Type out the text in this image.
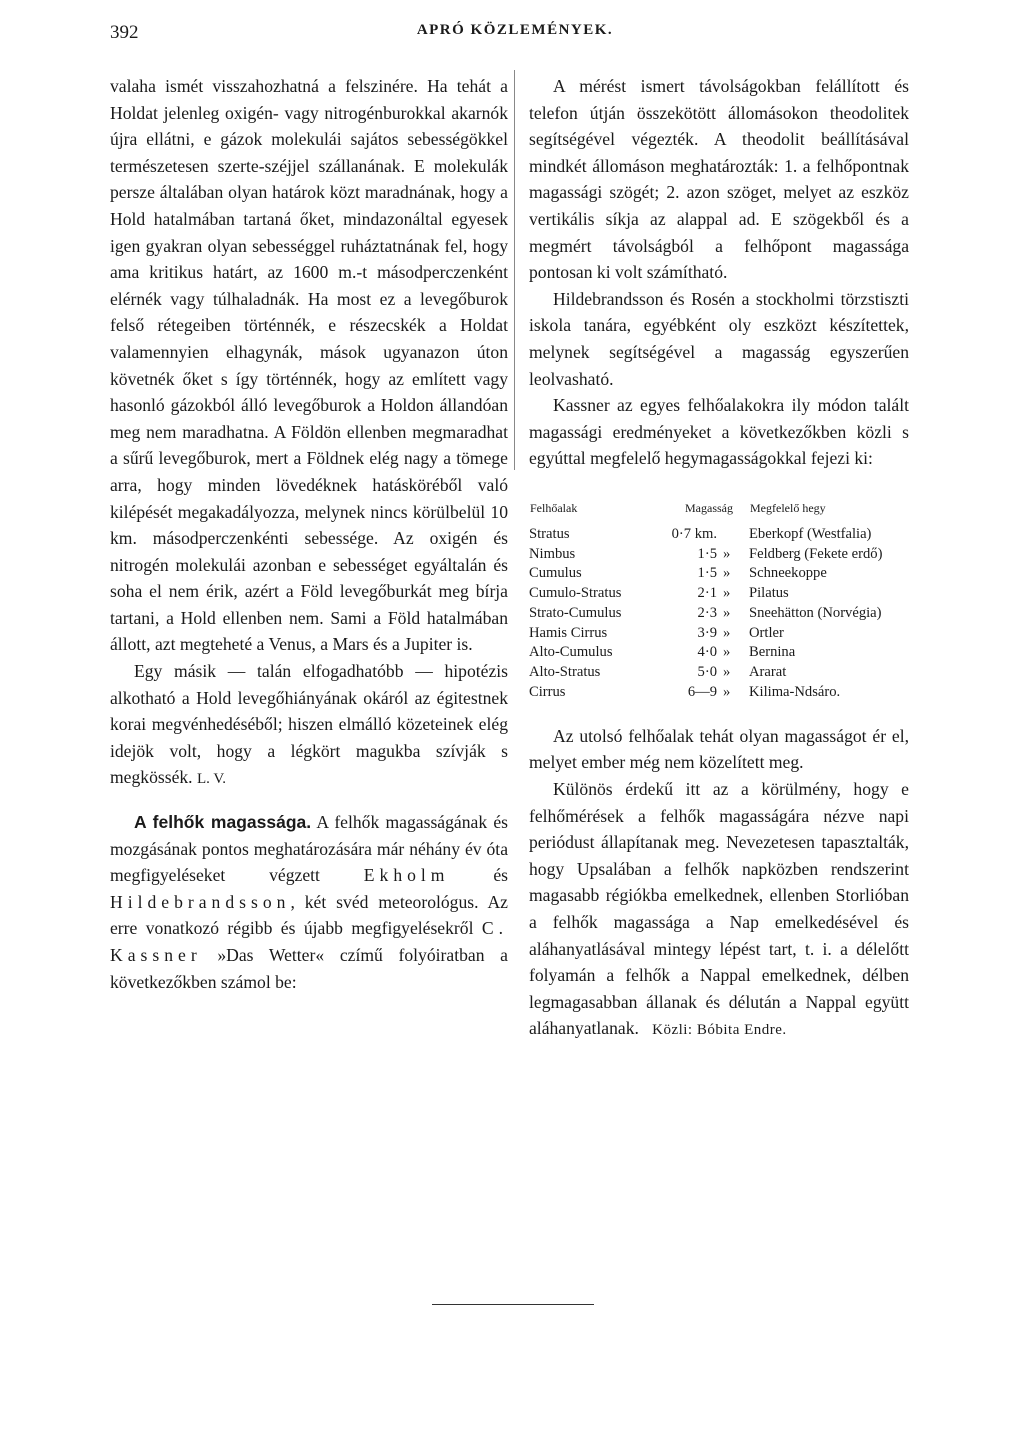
392	APRÓ KÖZLEMÉNYEK.

valaha ismét visszahozhatná a felszinére. Ha tehát a Holdat jelenleg oxigén- vagy nitrogénburokkal akarnók újra ellátni, e gázok molekulái sajátos sebességökkel természetesen szerte-széjjel szállanának. E molekulák persze általában olyan határok közt maradnának, hogy a Hold hatalmában tartaná őket, mindazonáltal egyesek igen gyakran olyan sebességgel ruháztatnának fel, hogy ama kritikus határt, az 1600 m.-t másodperczenként elérnék vagy túlhaladnák. Ha most ez a levegőburok felső rétegeiben történnék, e részecskék a Holdat valamennyien elhagynák, mások ugyanazon úton követnék őket s így történnék, hogy az említett vagy hasonló gázokból álló levegőburok a Holdon állandóan meg nem maradhatna. A Földön ellenben megmaradhat a sűrű levegőburok, mert a Földnek elég nagy a tömege arra, hogy minden lövedéknek hatásköréből való kilépését megakadályozza, melynek nincs körülbelül 10 km. másodperczenkénti sebessége. Az oxigén és nitrogén molekulái azonban e sebességet egyáltalán és soha el nem érik, azért a Föld levegőburkát meg bírja tartani, a Hold ellenben nem. Sami a Föld hatalmában állott, azt megteheté a Venus, a Mars és a Jupiter is.

Egy másik — talán elfogadhatóbb — hipotézis alkotható a Hold levegőhiányának okáról az égitestnek korai megvénhedéséből; hiszen elmálló közeteinek elég idejök volt, hogy a légkört magukba szívják s megkössék. L. V.

A felhők magassága. A felhők magasságának és mozgásának pontos meghatározására már néhány év óta megfigyeléseket végzett Ekholm és Hildebrandsson, két svéd meteorológus. Az erre vonatkozó régibb és újabb megfigyelésekről C. Kassner »Das Wetter« czímű folyóiratban a következőkben számol be:

A mérést ismert távolságokban felállított és telefon útján összekötött állomásokon theodolitek segítségével végezték. A theodolit beállításával mindkét állomáson meghatározták: 1. a felhőpontnak magassági szögét; 2. azon szöget, melyet az eszköz vertikális síkja az alappal ad. E szögekből és a megmért távolságból a felhőpont magassága pontosan ki volt számítható.

Hildebrandsson és Rosén a stockholmi törzstiszti iskola tanára, egyébként oly eszközt készítettek, melynek segítségével a magasság egyszerűen leolvasható.

Kassner az egyes felhőalakokra ily módon talált magassági eredményeket a következőkben közli s egyúttal megfelelő hegymagasságokkal fejezi ki:

Felhőalak	Magasság		Megfelelő hegy
Stratus	0·7 km.		Eberkopf (Westfalia)
Nimbus	1·5	»	Feldberg (Fekete erdő)
Cumulus	1·5	»	Schneekoppe
Cumulo-Stratus	2·1	»	Pilatus
Strato-Cumulus	2·3	»	Sneehätton (Norvégia)
Hamis Cirrus	3·9	»	Ortler
Alto-Cumulus	4·0	»	Bernina
Alto-Stratus	5·0	»	Ararat
Cirrus	6—9	»	Kilima-Ndsáro.

Az utolsó felhőalak tehát olyan magasságot ér el, melyet ember még nem közelített meg.

Különös érdekű itt az a körülmény, hogy e felhőmérések a felhők magasságára nézve napi periódust állapítanak meg. Nevezetesen tapasztalták, hogy Upsalában a felhők napközben rendszerint magasabb régiókba emelkednek, ellenben Storlióban a felhők magassága a Nap emelkedésével és aláhanyatlásával mintegy lépést tart, t. i. a délelőtt folyamán a felhők a Nappal emelkednek, délben legmagasabban állanak és délután a Nappal együtt aláhanyatlanak. Közli: Bóbita Endre.
